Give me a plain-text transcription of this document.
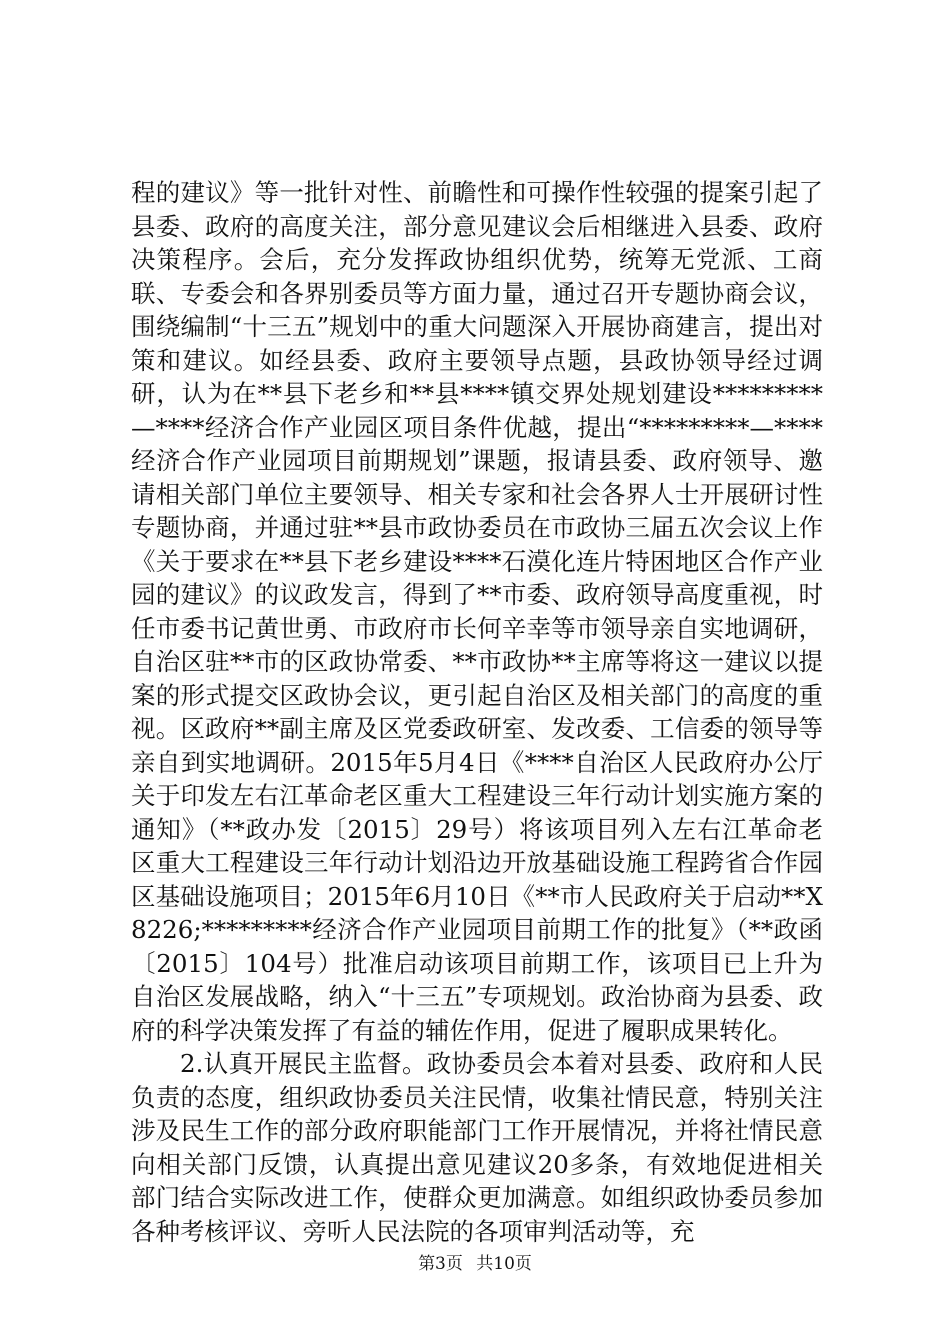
程的建议》等一批针对性、前瞻性和可操作性较强的提案引起了县委、政府的高度关注，部分意见建议会后相继进入县委、政府决策程序。会后，充分发挥政协组织优势，统筹无党派、工商联、专委会和各界别委员等方面力量，通过召开专题协商会议，围绕编制“十三五”规划中的重大问题深入开展协商建言，提出对策和建议。如经县委、政府主要领导点题，县政协领导经过调研，认为在**县下老乡和**县****镇交界处规划建设*********—****经济合作产业园区项目条件优越，提出“*********—****经济合作产业园项目前期规划”课题，报请县委、政府领导、邀请相关部门单位主要领导、相关专家和社会各界人士开展研讨性专题协商，并通过驻**县市政协委员在市政协三届五次会议上作《关于要求在**县下老乡建设****石漠化连片特困地区合作产业园的建议》的议政发言，得到了**市委、政府领导高度重视，时任市委书记黄世勇、市政府市长何辛幸等市领导亲自实地调研，自治区驻**市的区政协常委、**市政协**主席等将这一建议以提案的形式提交区政协会议，更引起自治区及相关部门的高度的重视。区政府**副主席及区党委政研室、发改委、工信委的领导等亲自到实地调研。2015年5月4日《****自治区人民政府办公厅关于印发左右江革命老区重大工程建设三年行动计划实施方案的通知》（**政办发〔2015〕29号）将该项目列入左右江革命老区重大工程建设三年行动计划沿边开放基础设施工程跨省合作园区基础设施项目；2015年6月10日《**市人民政府关于启动**X8226;*********经济合作产业园项目前期工作的批复》（**政函〔2015〕104号）批准启动该项目前期工作，该项目已上升为自治区发展战略，纳入“十三五”专项规划。政治协商为县委、政府的科学决策发挥了有益的辅佐作用，促进了履职成果转化。

2.认真开展民主监督。政协委员会本着对县委、政府和人民负责的态度，组织政协委员关注民情，收集社情民意，特别关注涉及民生工作的部分政府职能部门工作开展情况，并将社情民意向相关部门反馈，认真提出意见建议20多条，有效地促进相关部门结合实际改进工作，使群众更加满意。如组织政协委员参加各种考核评议、旁听人民法院的各项审判活动等，充

第3页 共10页
